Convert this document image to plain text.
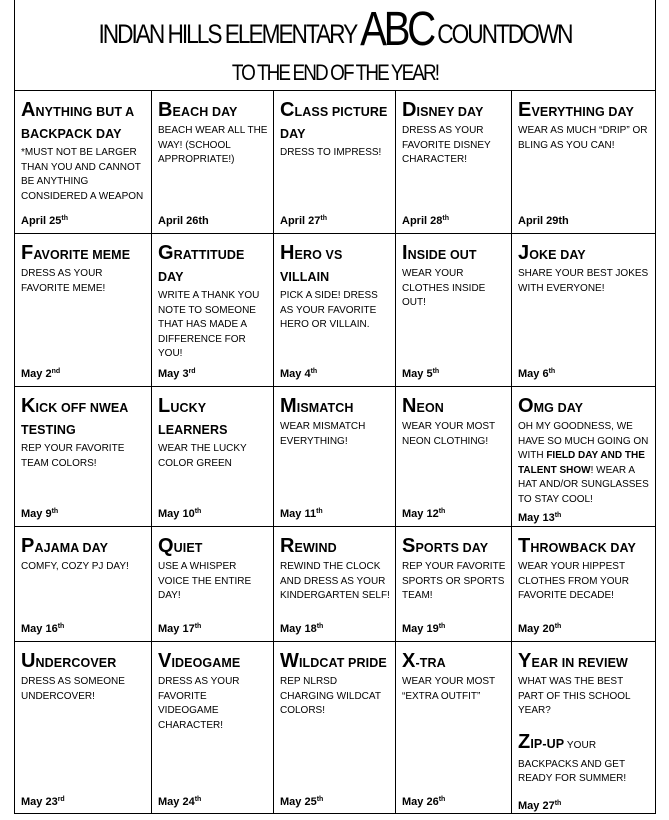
INDIAN HILLS ELEMENTARY ABC COUNTDOWN
TO THE END OF THE YEAR!
ANYTHING BUT A BACKPACK DAY
*MUST NOT BE LARGER THAN YOU AND CANNOT BE ANYTHING CONSIDERED A WEAPON
April 25th
BEACH DAY
BEACH WEAR ALL THE WAY! (SCHOOL APPROPRIATE!)
April 26th
CLASS PICTURE DAY
DRESS TO IMPRESS!
April 27th
DISNEY DAY
DRESS AS YOUR FAVORITE DISNEY CHARACTER!
April 28th
EVERYTHING DAY
WEAR AS MUCH “DRIP” OR BLING AS YOU CAN!
April 29th
FAVORITE MEME
DRESS AS YOUR FAVORITE MEME!
May 2nd
GRATTITUDE DAY
WRITE A THANK YOU NOTE TO SOMEONE THAT HAS MADE A DIFFERENCE FOR YOU!
May 3rd
HERO VS VILLAIN
PICK A SIDE! DRESS AS YOUR FAVORITE HERO OR VILLAIN.
May 4th
INSIDE OUT
WEAR YOUR CLOTHES INSIDE OUT!
May 5th
JOKE DAY
SHARE YOUR BEST JOKES WITH EVERYONE!
May 6th
KICK OFF NWEA TESTING
REP YOUR FAVORITE TEAM COLORS!
May 9th
LUCKY LEARNERS
WEAR THE LUCKY COLOR GREEN
May 10th
MISMATCH
WEAR MISMATCH EVERYTHING!
May 11th
NEON
WEAR YOUR MOST NEON CLOTHING!
May 12th
OMG DAY
OH MY GOODNESS, WE HAVE SO MUCH GOING ON WITH FIELD DAY AND THE TALENT SHOW! WEAR A HAT AND/OR SUNGLASSES TO STAY COOL!
May 13th
PAJAMA DAY
COMFY, COZY PJ DAY!
May 16th
QUIET
USE A WHISPER VOICE THE ENTIRE DAY!
May 17th
REWIND
REWIND THE CLOCK AND DRESS AS YOUR KINDERGARTEN SELF!
May 18th
SPORTS DAY
REP YOUR FAVORITE SPORTS OR SPORTS TEAM!
May 19th
THROWBACK DAY
WEAR YOUR HIPPEST CLOTHES FROM YOUR FAVORITE DECADE!
May 20th
UNDERCOVER
DRESS AS SOMEONE UNDERCOVER!
May 23rd
VIDEOGAME
DRESS AS YOUR FAVORITE VIDEOGAME CHARACTER!
May 24th
WILDCAT PRIDE
REP NLRSD CHARGING WILDCAT COLORS!
May 25th
X-TRA
WEAR YOUR MOST “EXTRA OUTFIT”
May 26th
YEAR IN REVIEW
WHAT WAS THE BEST PART OF THIS SCHOOL YEAR?
ZIP-UP YOUR
BACKPACKS AND GET READY FOR SUMMER!
May 27th
